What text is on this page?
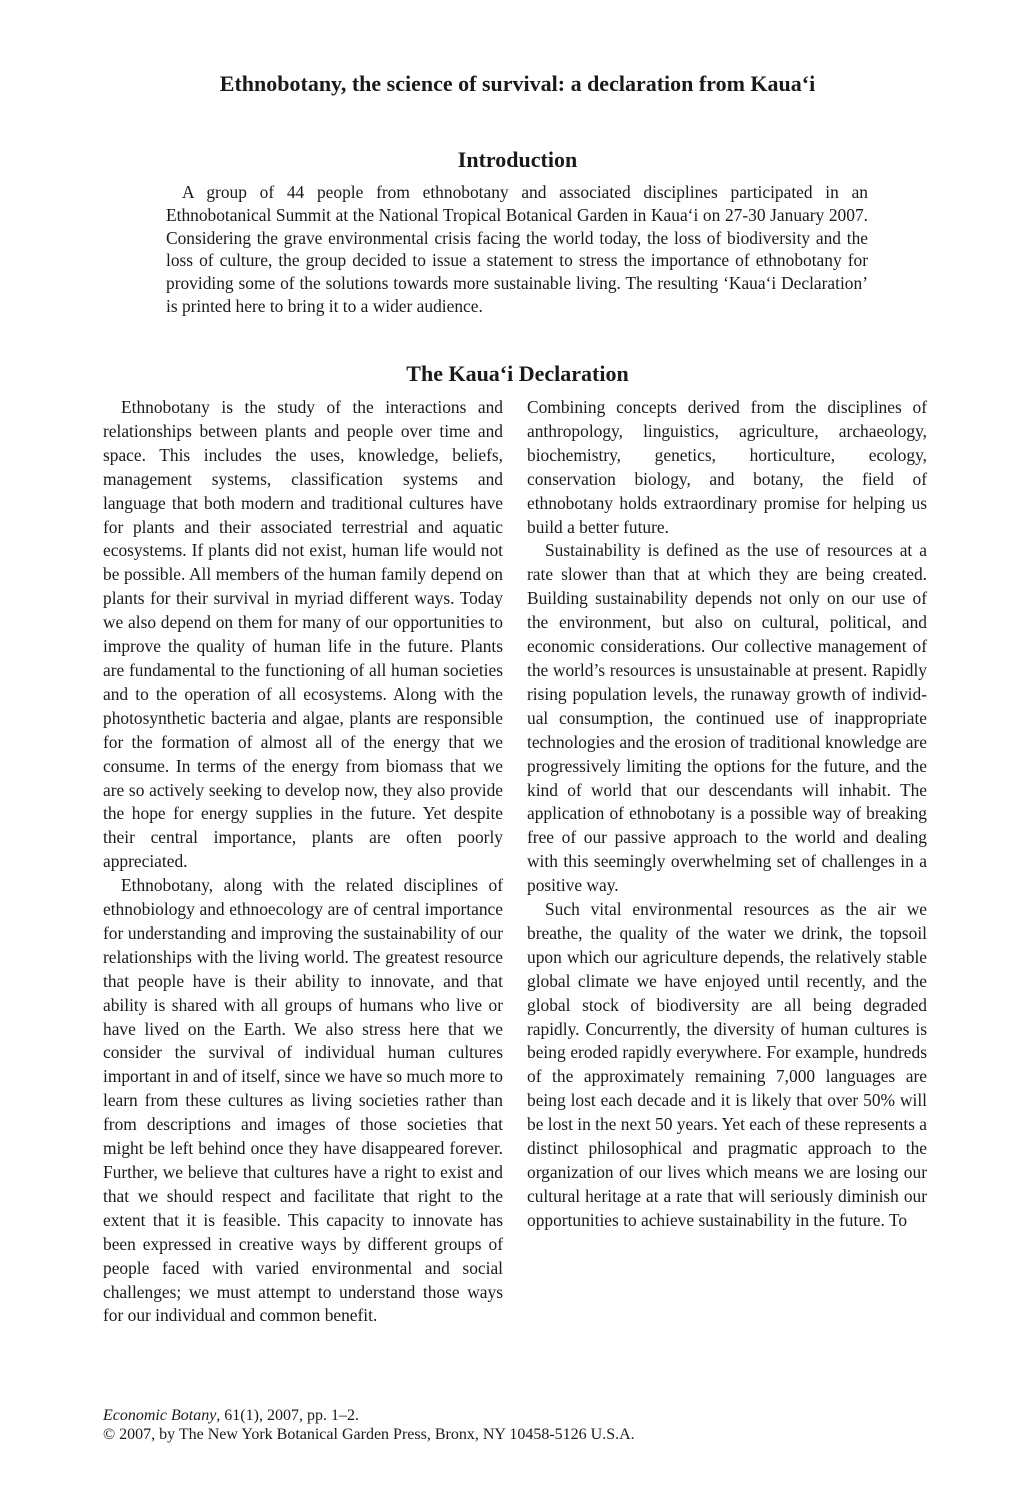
Ethnobotany, the science of survival: a declaration from Kaua‘i
Introduction

A group of 44 people from ethnobotany and associated disciplines participated in an Ethnobotanical Summit at the National Tropical Botanical Garden in Kaua‘i on 27-30 January 2007. Considering the grave environmental crisis facing the world today, the loss of biodiversity and the loss of culture, the group decided to issue a statement to stress the importance of ethnobotany for providing some of the solutions towards more sustainable living. The resulting ‘Kaua‘i Declaration’ is printed here to bring it to a wider audience.

The Kaua‘i Declaration

Ethnobotany is the study of the interactions and relationships between plants and people over time and space. This includes the uses, knowledge, beliefs, management systems, classification systems and language that both modern and traditional cultures have for plants and their associated terrestrial and aquatic ecosystems. If plants did not exist, human life would not be possible. All members of the human family depend on plants for their survival in myriad different ways. Today we also depend on them for many of our opportunities to improve the quality of human life in the future. Plants are fundamental to the functioning of all human societies and to the operation of all ecosystems. Along with the photosynthetic bacteria and algae, plants are responsible for the formation of almost all of the energy that we consume. In terms of the energy from biomass that we are so actively seeking to develop now, they also provide the hope for energy supplies in the future. Yet despite their central importance, plants are often poorly appreciated.

Ethnobotany, along with the related disciplines of ethnobiology and ethnoecology are of central importance for understanding and improving the sustainability of our relationships with the living world. The greatest resource that people have is their ability to innovate, and that ability is shared with all groups of humans who live or have lived on the Earth. We also stress here that we consider the survival of individual human cultures important in and of itself, since we have so much more to learn from these cultures as living societies rather than from descriptions and images of those societies that might be left behind once they have disappeared forever. Further, we believe that cultures have a right to exist and that we should respect and facilitate that right to the extent that it is feasible. This capacity to innovate has been expressed in creative ways by different groups of people faced with varied environmental and social challenges; we must attempt to understand those ways for our individual and common benefit.

Combining concepts derived from the disciplines of anthropology, linguistics, agriculture, archaeology, biochemistry, genetics, horticulture, ecology, conservation biology, and botany, the field of ethnobotany holds extraordinary promise for helping us build a better future.

Sustainability is defined as the use of resources at a rate slower than that at which they are being created. Building sustainability depends not only on our use of the environment, but also on cultural, political, and economic considerations. Our collective management of the world’s resources is unsustainable at present. Rapidly rising population levels, the runaway growth of individual consumption, the continued use of inappropriate technologies and the erosion of traditional knowledge are progressively limiting the options for the future, and the kind of world that our descendants will inhabit. The application of ethnobotany is a possible way of breaking free of our passive approach to the world and dealing with this seemingly overwhelming set of challenges in a positive way.

Such vital environmental resources as the air we breathe, the quality of the water we drink, the topsoil upon which our agriculture depends, the relatively stable global climate we have enjoyed until recently, and the global stock of biodiversity are all being degraded rapidly. Concurrently, the diversity of human cultures is being eroded rapidly everywhere. For example, hundreds of the approximately remaining 7,000 languages are being lost each decade and it is likely that over 50% will be lost in the next 50 years. Yet each of these represents a distinct philosophical and pragmatic approach to the organization of our lives which means we are losing our cultural heritage at a rate that will seriously diminish our opportunities to achieve sustainability in the future. To

Economic Botany, 61(1), 2007, pp. 1–2.
© 2007, by The New York Botanical Garden Press, Bronx, NY 10458-5126 U.S.A.
